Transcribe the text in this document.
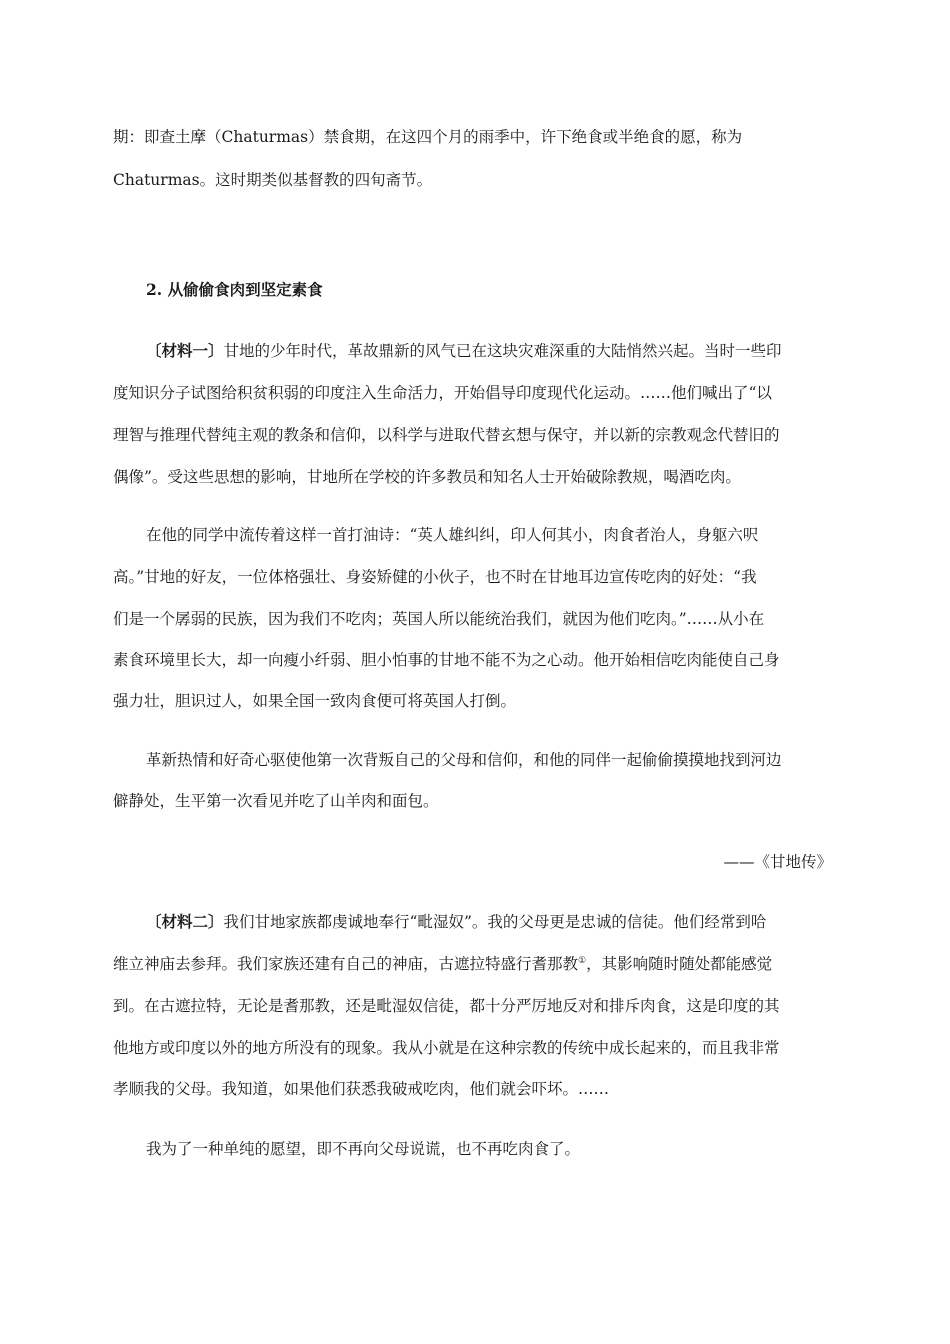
期：即查土摩（Chaturmas）禁食期，在这四个月的雨季中，许下绝食或半绝食的愿，称为
Chaturmas。这时期类似基督教的四旬斋节。
2. 从偷偷食肉到坚定素食
〔材料一〕甘地的少年时代，革故鼎新的风气已在这块灾难深重的大陆悄然兴起。当时一些印
度知识分子试图给积贫积弱的印度注入生命活力，开始倡导印度现代化运动。……他们喊出了“以
理智与推理代替纯主观的教条和信仰，以科学与进取代替玄想与保守，并以新的宗教观念代替旧的
偶像”。受这些思想的影响，甘地所在学校的许多教员和知名人士开始破除教规，喝酒吃肉。
在他的同学中流传着这样一首打油诗：“英人雄纠纠，印人何其小，肉食者治人，身躯六呎
高。”甘地的好友，一位体格强壮、身姿矫健的小伙子，也不时在甘地耳边宣传吃肉的好处：“我
们是一个孱弱的民族，因为我们不吃肉；英国人所以能统治我们，就因为他们吃肉。”……从小在
素食环境里长大，却一向瘦小纤弱、胆小怕事的甘地不能不为之心动。他开始相信吃肉能使自己身
强力壮，胆识过人，如果全国一致肉食便可将英国人打倒。
革新热情和好奇心驱使他第一次背叛自己的父母和信仰，和他的同伴一起偷偷摸摸地找到河边
僻静处，生平第一次看见并吃了山羊肉和面包。
——《甘地传》
〔材料二〕我们甘地家族都虔诚地奉行“毗湿奴”。我的父母更是忠诚的信徒。他们经常到哈
维立神庙去参拜。我们家族还建有自己的神庙，古遮拉特盛行耆那教①，其影响随时随处都能感觉
到。在古遮拉特，无论是耆那教，还是毗湿奴信徒，都十分严厉地反对和排斥肉食，这是印度的其
他地方或印度以外的地方所没有的现象。我从小就是在这种宗教的传统中成长起来的，而且我非常
孝顺我的父母。我知道，如果他们获悉我破戒吃肉，他们就会吓坏。……
我为了一种单纯的愿望，即不再向父母说谎，也不再吃肉食了。
